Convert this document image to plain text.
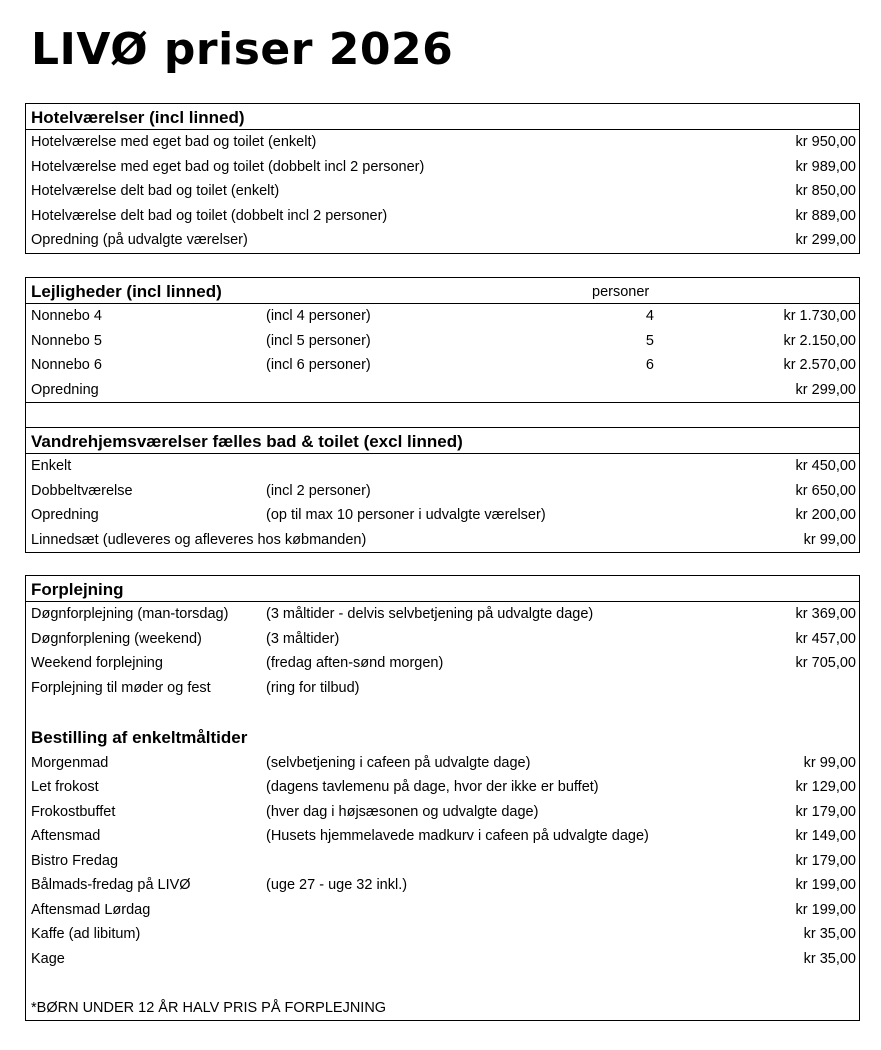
LIVØ priser 2026
Hotelværelser (incl linned)
Hotelværelse med eget bad og toilet (enkelt)	kr 950,00
Hotelværelse med eget bad og toilet (dobbelt incl 2 personer)	kr 989,00
Hotelværelse delt bad og toilet (enkelt)	kr 850,00
Hotelværelse delt bad og toilet (dobbelt incl 2 personer)	kr 889,00
Opredning (på udvalgte værelser)	kr 299,00
Lejligheder (incl linned)	personer
Nonnebo 4	(incl 4 personer)	4	kr 1.730,00
Nonnebo 5	(incl 5 personer)	5	kr 2.150,00
Nonnebo 6	(incl 6 personer)	6	kr 2.570,00
Opredning	kr 299,00
Vandrehjemsværelser fælles bad & toilet (excl linned)
Enkelt	kr 450,00
Dobbeltværelse	(incl 2 personer)	kr 650,00
Opredning	(op til max 10 personer i udvalgte værelser)	kr 200,00
Linnedsæt (udleveres og afleveres hos købmanden)	kr 99,00
Forplejning
Døgnforplejning (man-torsdag)	(3 måltider - delvis selvbetjening på udvalgte dage)	kr 369,00
Døgnforplening (weekend)	(3 måltider)	kr 457,00
Weekend forplejning	(fredag aften-sønd morgen)	kr 705,00
Forplejning til møder og fest	(ring for tilbud)
Bestilling af enkeltmåltider
Morgenmad	(selvbetjening i cafeen på udvalgte dage)	kr 99,00
Let frokost	(dagens tavlemenu på dage, hvor der ikke er buffet)	kr 129,00
Frokostbuffet	(hver dag i højsæsonen og udvalgte dage)	kr 179,00
Aftensmad	(Husets hjemmelavede madkurv i cafeen på udvalgte dage)	kr 149,00
Bistro Fredag	kr 179,00
Bålmads-fredag på LIVØ	(uge 27 - uge 32 inkl.)	kr 199,00
Aftensmad Lørdag	kr 199,00
Kaffe (ad libitum)	kr 35,00
Kage	kr 35,00
*BØRN UNDER 12 ÅR HALV PRIS PÅ FORPLEJNING
